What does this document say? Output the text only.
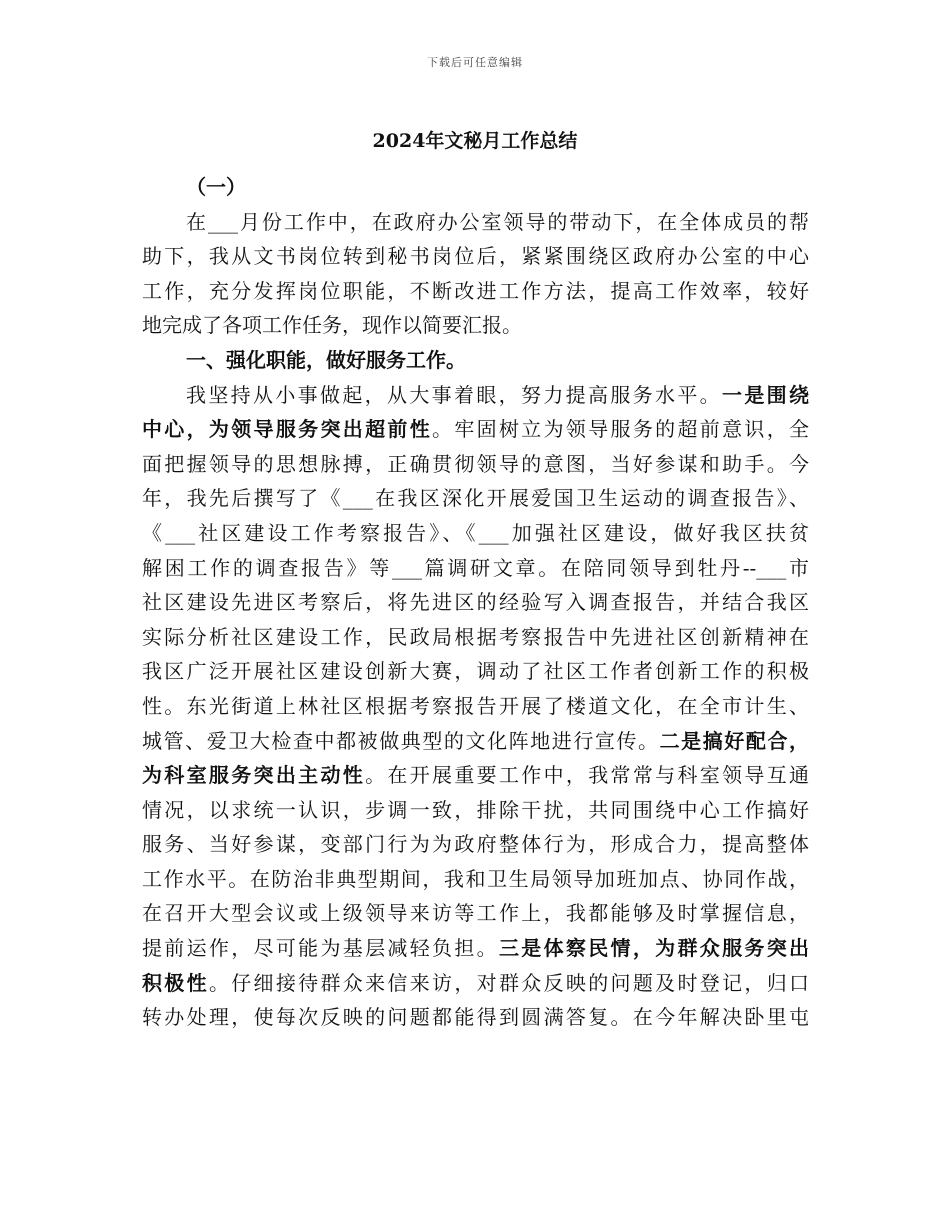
下载后可任意编辑
2024年文秘月工作总结
（一）
在___月份工作中，在政府办公室领导的带动下，在全体成员的帮
助下，我从文书岗位转到秘书岗位后，紧紧围绕区政府办公室的中心
工作，充分发挥岗位职能，不断改进工作方法，提高工作效率，较好
地完成了各项工作任务，现作以简要汇报。
一、强化职能，做好服务工作。
我坚持从小事做起，从大事着眼，努力提高服务水平。一是围绕
中心，为领导服务突出超前性。牢固树立为领导服务的超前意识，全
面把握领导的思想脉搏，正确贯彻领导的意图，当好参谋和助手。今
年，我先后撰写了《___在我区深化开展爱国卫生运动的调查报告》、
《___社区建设工作考察报告》、《___加强社区建设，做好我区扶贫
解困工作的调查报告》等___篇调研文章。在陪同领导到牡丹--___市
社区建设先进区考察后，将先进区的经验写入调查报告，并结合我区
实际分析社区建设工作，民政局根据考察报告中先进社区创新精神在
我区广泛开展社区建设创新大赛，调动了社区工作者创新工作的积极
性。东光街道上林社区根据考察报告开展了楼道文化，在全市计生、
城管、爱卫大检查中都被做典型的文化阵地进行宣传。二是搞好配合，
为科室服务突出主动性。在开展重要工作中，我常常与科室领导互通
情况，以求统一认识，步调一致，排除干扰，共同围绕中心工作搞好
服务、当好参谋，变部门行为为政府整体行为，形成合力，提高整体
工作水平。在防治非典型期间，我和卫生局领导加班加点、协同作战，
在召开大型会议或上级领导来访等工作上，我都能够及时掌握信息，
提前运作，尽可能为基层减轻负担。三是体察民情，为群众服务突出
积极性。仔细接待群众来信来访，对群众反映的问题及时登记，归口
转办处理，使每次反映的问题都能得到圆满答复。在今年解决卧里屯
